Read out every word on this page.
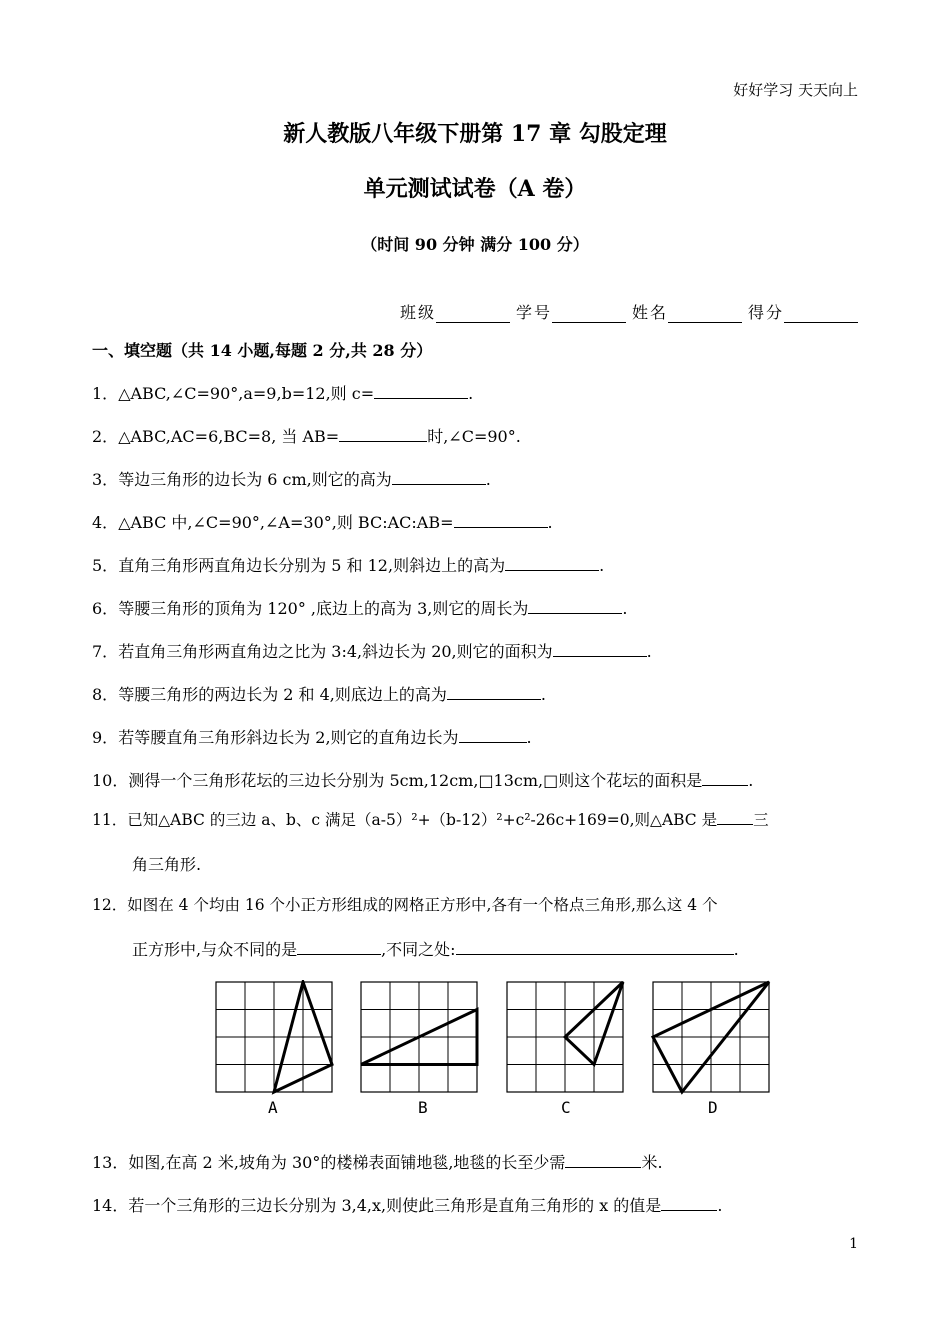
好好学习 天天向上
新人教版八年级下册第 17 章 勾股定理
单元测试试卷（A 卷）
（时间 90 分钟 满分 100 分）
班级	学号	姓名	得分
一、填空题（共 14 小题,每题 2 分,共 28 分）
1．△ABC,∠C=90°,a=9,b=12,则 c=	.
2．△ABC,AC=6,BC=8, 当 AB=	时,∠C=90°.
3．等边三角形的边长为 6 cm,则它的高为	.
4．△ABC 中,∠C=90°,∠A=30°,则 BC:AC:AB=	.
5．直角三角形两直角边长分别为 5 和 12,则斜边上的高为	.
6．等腰三角形的顶角为 120° ,底边上的高为 3,则它的周长为	.
7．若直角三角形两直角边之比为 3:4,斜边长为 20,则它的面积为	.
8．等腰三角形的两边长为 2 和 4,则底边上的高为	.
9．若等腰直角三角形斜边长为 2,则它的直角边长为	.
10．测得一个三角形花坛的三边长分别为 5cm,12cm,□13cm,□则这个花坛的面积是	.
11．已知△ABC 的三边 a、b、c 满足（a-5）²+（b-12）²+c²-26c+169=0,则△ABC 是 三
角三角形.
12．如图在 4 个均由 16 个小正方形组成的网格正方形中,各有一个格点三角形,那么这 4 个
正方形中,与众不同的是	,不同之处:	.
A	B	C	D
13．如图,在高 2 米,坡角为 30°的楼梯表面铺地毯,地毯的长至少需	米.
14．若一个三角形的三边长分别为 3,4,x,则使此三角形是直角三角形的 x 的值是	.
1
